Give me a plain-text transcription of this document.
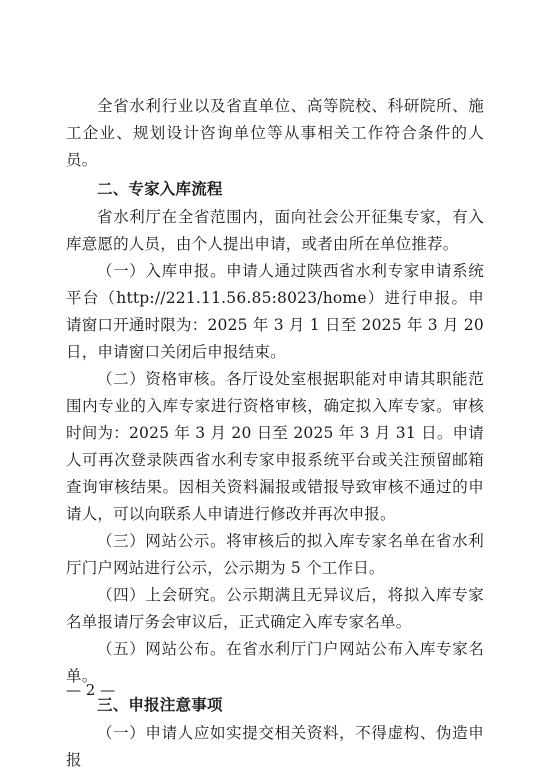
全省水利行业以及省直单位、高等院校、科研院所、施工企业、规划设计咨询单位等从事相关工作符合条件的人员。

二、专家入库流程

省水利厅在全省范围内，面向社会公开征集专家，有入库意愿的人员，由个人提出申请，或者由所在单位推荐。

（一）入库申报。申请人通过陕西省水利专家申请系统平台（http://221.11.56.85:8023/home）进行申报。申请窗口开通时限为：2025 年 3 月 1 日至 2025 年 3 月 20 日，申请窗口关闭后申报结束。

（二）资格审核。各厅设处室根据职能对申请其职能范围内专业的入库专家进行资格审核，确定拟入库专家。审核时间为：2025 年 3 月 20 日至 2025 年 3 月 31 日。申请人可再次登录陕西省水利专家申报系统平台或关注预留邮箱查询审核结果。因相关资料漏报或错报导致审核不通过的申请人，可以向联系人申请进行修改并再次申报。

（三）网站公示。将审核后的拟入库专家名单在省水利厅门户网站进行公示，公示期为 5 个工作日。

（四）上会研究。公示期满且无异议后，将拟入库专家名单报请厅务会审议后，正式确定入库专家名单。

（五）网站公布。在省水利厅门户网站公布入库专家名单。

三、申报注意事项

（一）申请人应如实提交相关资料，不得虚构、伪造申报

— 2 —
